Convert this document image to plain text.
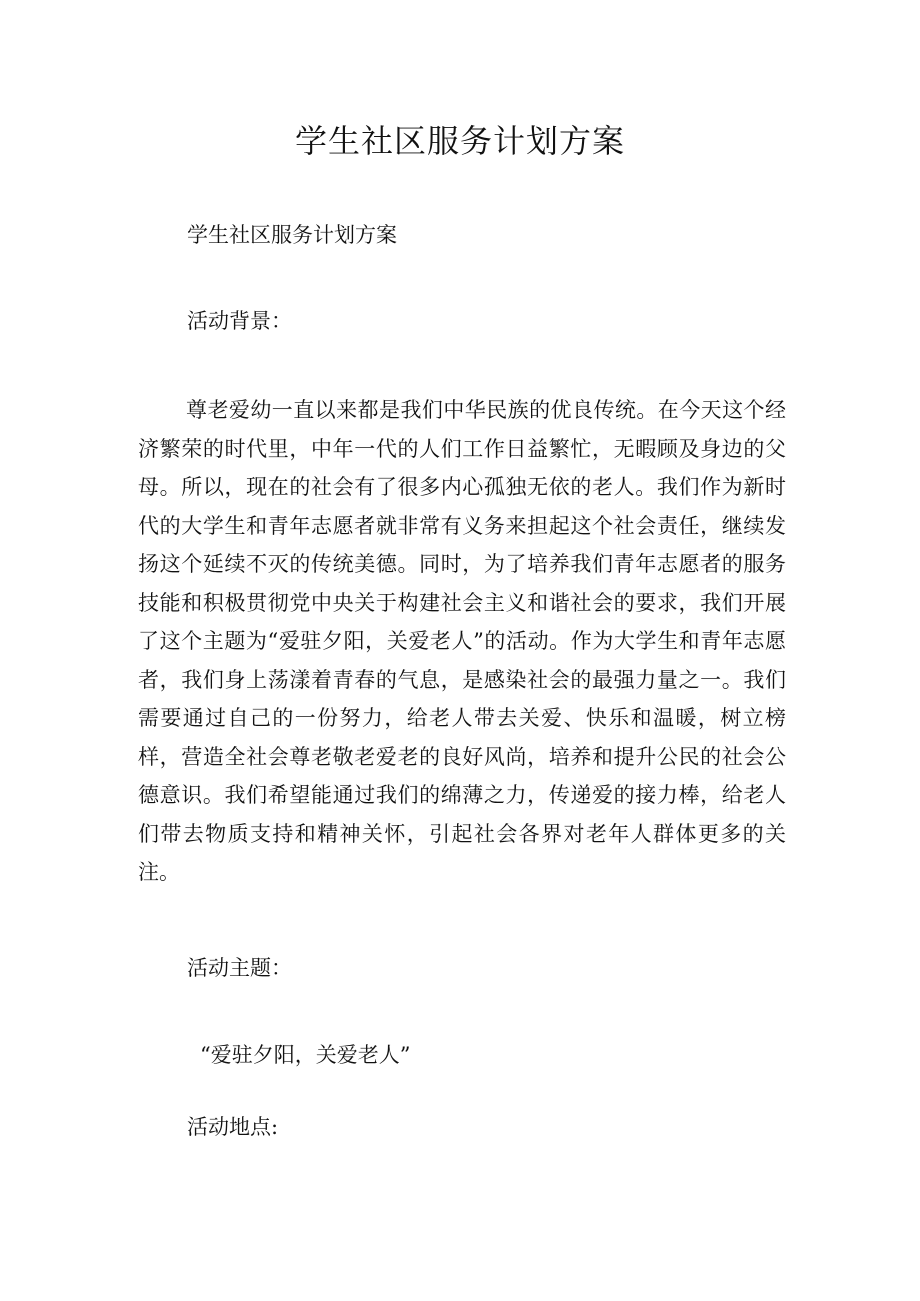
学生社区服务计划方案

学生社区服务计划方案

活动背景：

尊老爱幼一直以来都是我们中华民族的优良传统。在今天这个经济繁荣的时代里，中年一代的人们工作日益繁忙，无暇顾及身边的父母。所以，现在的社会有了很多内心孤独无依的老人。我们作为新时代的大学生和青年志愿者就非常有义务来担起这个社会责任，继续发扬这个延续不灭的传统美德。同时，为了培养我们青年志愿者的服务技能和积极贯彻党中央关于构建社会主义和谐社会的要求，我们开展了这个主题为“爱驻夕阳，关爱老人”的活动。作为大学生和青年志愿者，我们身上荡漾着青春的气息，是感染社会的最强力量之一。我们需要通过自己的一份努力，给老人带去关爱、快乐和温暖，树立榜样，营造全社会尊老敬老爱老的良好风尚，培养和提升公民的社会公德意识。我们希望能通过我们的绵薄之力，传递爱的接力棒，给老人们带去物质支持和精神关怀，引起社会各界对老年人群体更多的关注。

活动主题：

“爱驻夕阳，关爱老人”

活动地点:
